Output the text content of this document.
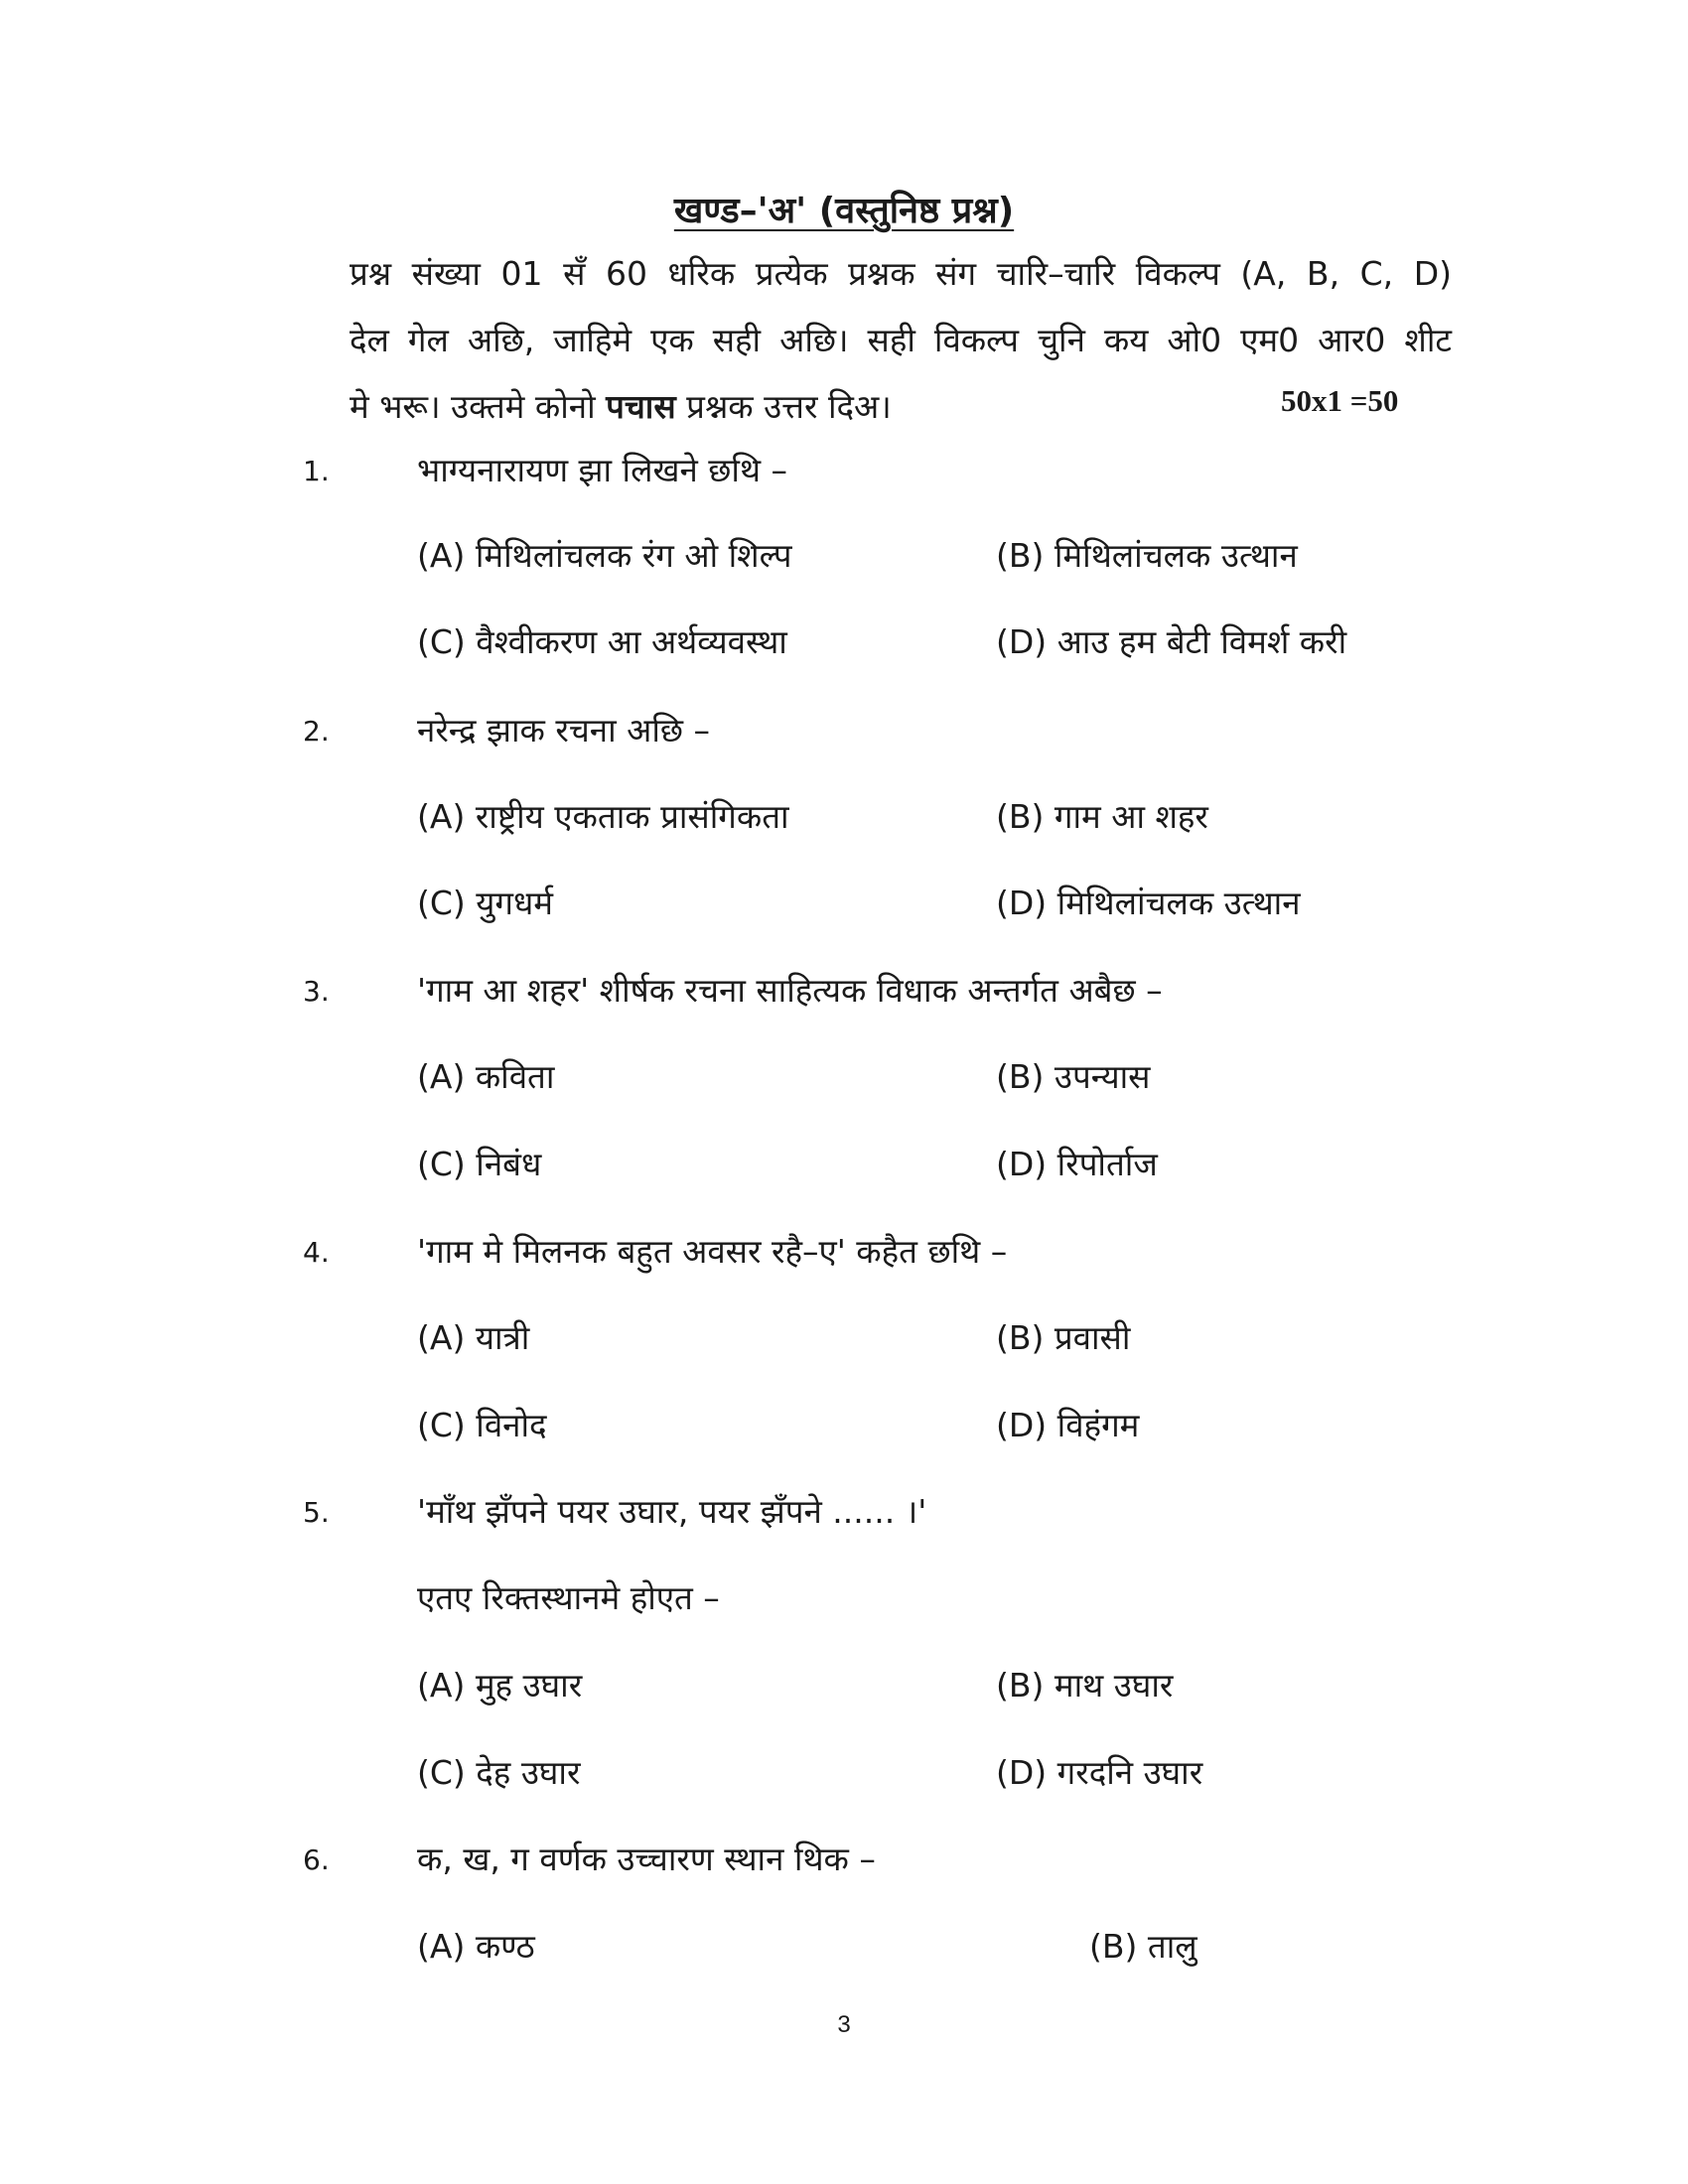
खण्ड–'अ' (वस्तुनिष्ठ प्रश्न)
प्रश्न संख्या 01 सँ 60 धरिक प्रत्येक प्रश्नक संग चारि–चारि विकल्प (A, B, C, D)
देल गेल अछि, जाहिमे एक सही अछि। सही विकल्प चुनि कय ओ0 एम0 आर0 शीट
मे भरू। उक्तमे कोनो पचास प्रश्नक उत्तर दिअ।	50x1 =50
1.	भाग्यनारायण झा लिखने छथि –
(A) मिथिलांचलक रंग ओ शिल्प	(B) मिथिलांचलक उत्थान
(C) वैश्वीकरण आ अर्थव्यवस्था	(D) आउ हम बेटी विमर्श करी
2.	नरेन्द्र झाक रचना अछि –
(A) राष्ट्रीय एकताक प्रासंगिकता	(B) गाम आ शहर
(C) युगधर्म	(D) मिथिलांचलक उत्थान
3.	'गाम आ शहर' शीर्षक रचना साहित्यक विधाक अन्तर्गत अबैछ –
(A) कविता	(B) उपन्यास
(C) निबंध	(D) रिपोर्ताज
4.	'गाम मे मिलनक बहुत अवसर रहै–ए' कहैत छथि –
(A) यात्री	(B) प्रवासी
(C) विनोद	(D) विहंगम
5.	'माँथ झँपने पयर उघार, पयर झँपने ...... ।'
एतए रिक्तस्थानमे होएत –
(A) मुह उघार	(B) माथ उघार
(C) देह उघार	(D) गरदनि उघार
6.	क, ख, ग वर्णक उच्चारण स्थान थिक –
(A) कण्ठ	(B) तालु
3
